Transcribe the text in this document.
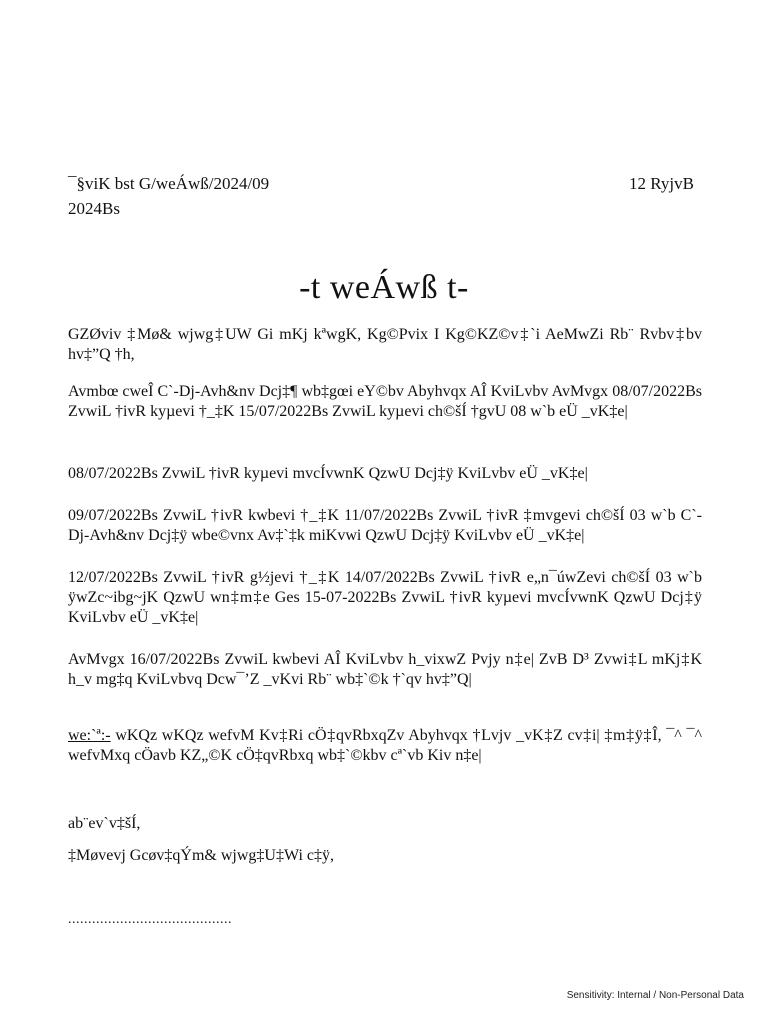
¯§viK bst G/weÁwß/2024/09	12 RyjvB
2024Bs
-t weÁwß t-
GZØviv ‡Mø& wjwg‡UW Gi mKj kªwgK, Kg©Pvix I Kg©KZ©v‡`i AeMwZi Rb¨ Rvbv‡bv hv‡”Q †h,
Avmbœ cweÎ C`-Dj-Avh&nv Dcj‡¶ wb‡gœi eY©bv Abyhvqx AÎ KviLvbv AvMvgx 08/07/2022Bs ZvwiL †ivR kyµevi †_‡K 15/07/2022Bs ZvwiL kyµevi ch©šÍ †gvU 08 w`b eÜ _vK‡e|
08/07/2022Bs ZvwiL †ivR kyµevi mvcÍvwnK QzwU Dcj‡ÿ KviLvbv eÜ _vK‡e|
09/07/2022Bs ZvwiL †ivR kwbevi †_‡K 11/07/2022Bs ZvwiL †ivR ‡mvgevi ch©šÍ 03 w`b C`-Dj-Avh&nv Dcj‡ÿ wbe©vnx Av‡`‡k miKvwi QzwU Dcj‡ÿ KviLvbv eÜ _vK‡e|
12/07/2022Bs ZvwiL †ivR g½jevi †_‡K 14/07/2022Bs ZvwiL †ivR e„n¯úwZevi ch©šÍ 03 w`b ÿwZc~ibg~jK QzwU wn‡m‡e Ges 15-07-2022Bs ZvwiL †ivR kyµevi mvcÍvwnK QzwU Dcj‡ÿ KviLvbv eÜ _vK‡e|
AvMvgx 16/07/2022Bs ZvwiL kwbevi AÎ KviLvbv h_vixwZ Pvjy n‡e| ZvB D³ Zvwi‡L mKj‡K h_v mg‡q KviLvbvq Dcw¯’Z _vKvi Rb¨ wb‡`©k †`qv hv‡”Q|
we:`ª:- wKQz wKQz wefvM Kv‡Ri cÖ‡qvRbxqZv Abyhvqx †Lvjv _vK‡Z cv‡i| ‡m‡ÿ‡Î, ¯^ ¯^ wefvMxq cÖavb KZ„©K cÖ‡qvRbxq wb‡`©kbv cª`vb Kiv n‡e|
ab¨ev`v‡šÍ,
‡Møvevj Gcøv‡qÝm& wjwg‡U‡Wi c‡ÿ,
.........................................
Sensitivity: Internal / Non-Personal Data
